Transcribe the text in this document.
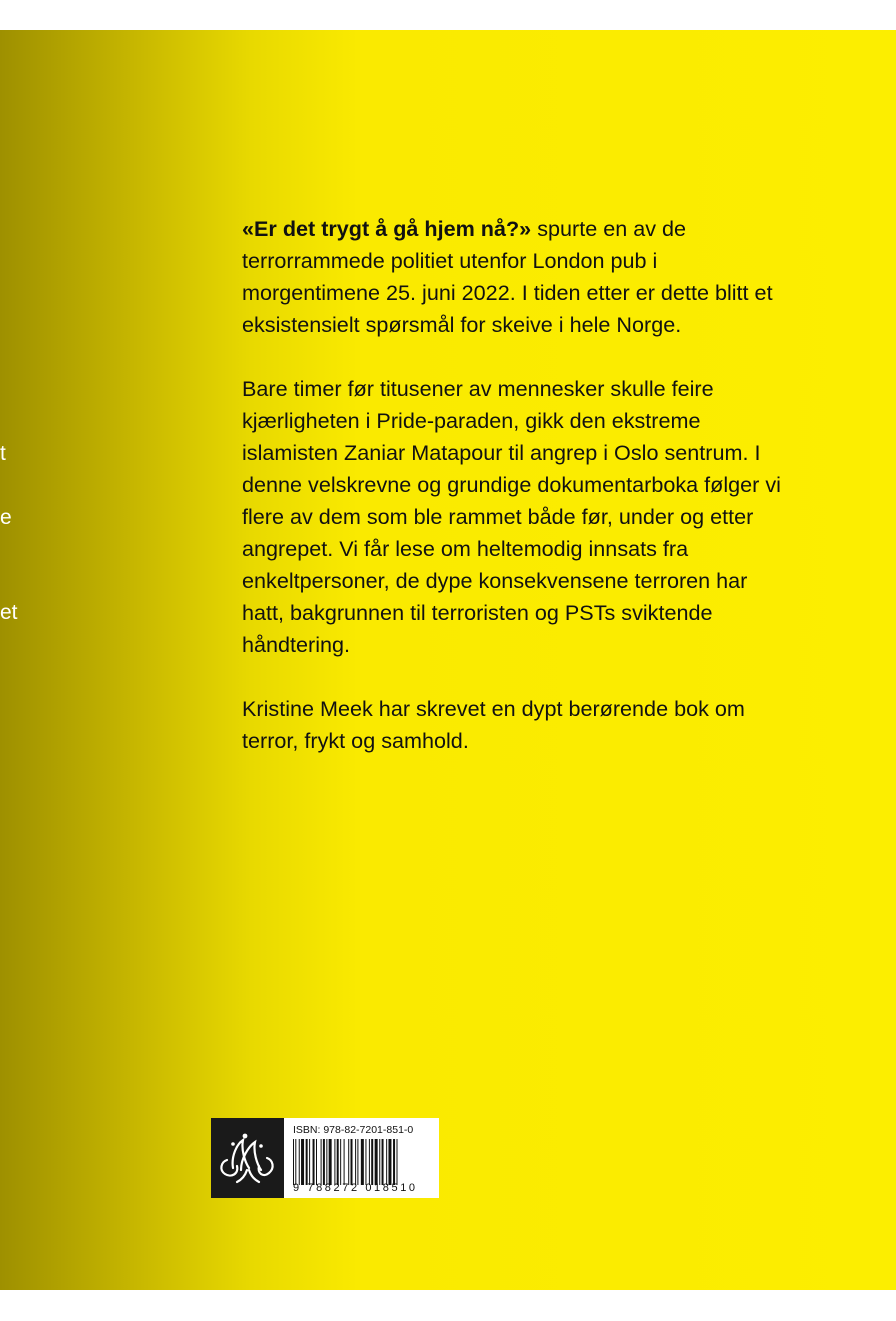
t
e
et

«Er det trygt å gå hjem nå?» spurte en av de terrorrammede politiet utenfor London pub i morgentimene 25. juni 2022. I tiden etter er dette blitt et eksistensielt spørsmål for skeive i hele Norge.

Bare timer før titusener av mennesker skulle feire kjærligheten i Pride-paraden, gikk den ekstreme islamisten Zaniar Matapour til angrep i Oslo sentrum. I denne velskrevne og grundige dokumentarboka følger vi flere av dem som ble rammet både før, under og etter angrepet. Vi får lese om heltemodig innsats fra enkeltpersoner, de dype konsekvensene terroren har hatt, bakgrunnen til terroristen og PSTs sviktende håndtering.

Kristine Meek har skrevet en dypt berørende bok om terror, frykt og samhold.

ISBN: 978-82-7201-851-0
9 788272 018510
